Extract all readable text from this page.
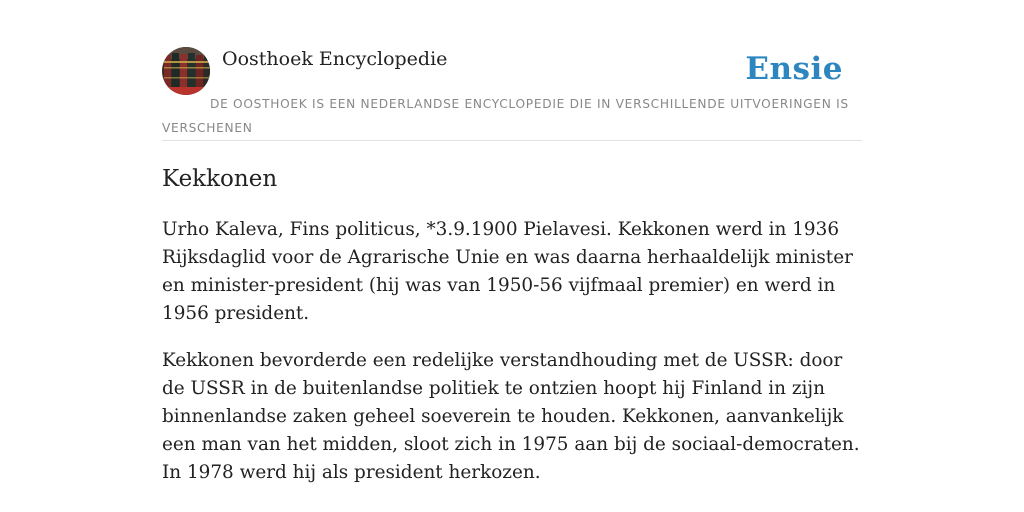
Oosthoek Encyclopedie	Ensie
DE OOSTHOEK IS EEN NEDERLANDSE ENCYCLOPEDIE DIE IN VERSCHILLENDE UITVOERINGEN IS VERSCHENEN
Kekkonen

Urho Kaleva, Fins politicus, *3.9.1900 Pielavesi. Kekkonen werd in 1936 Rijksdaglid voor de Agrarische Unie en was daarna herhaaldelijk minister en minister-president (hij was van 1950-56 vijfmaal premier) en werd in 1956 president.

Kekkonen bevorderde een redelijke verstandhouding met de USSR: door de USSR in de buitenlandse politiek te ontzien hoopt hij Finland in zijn binnenlandse zaken geheel soeverein te houden. Kekkonen, aanvankelijk een man van het midden, sloot zich in 1975 aan bij de sociaal-democraten. In 1978 werd hij als president herkozen.
